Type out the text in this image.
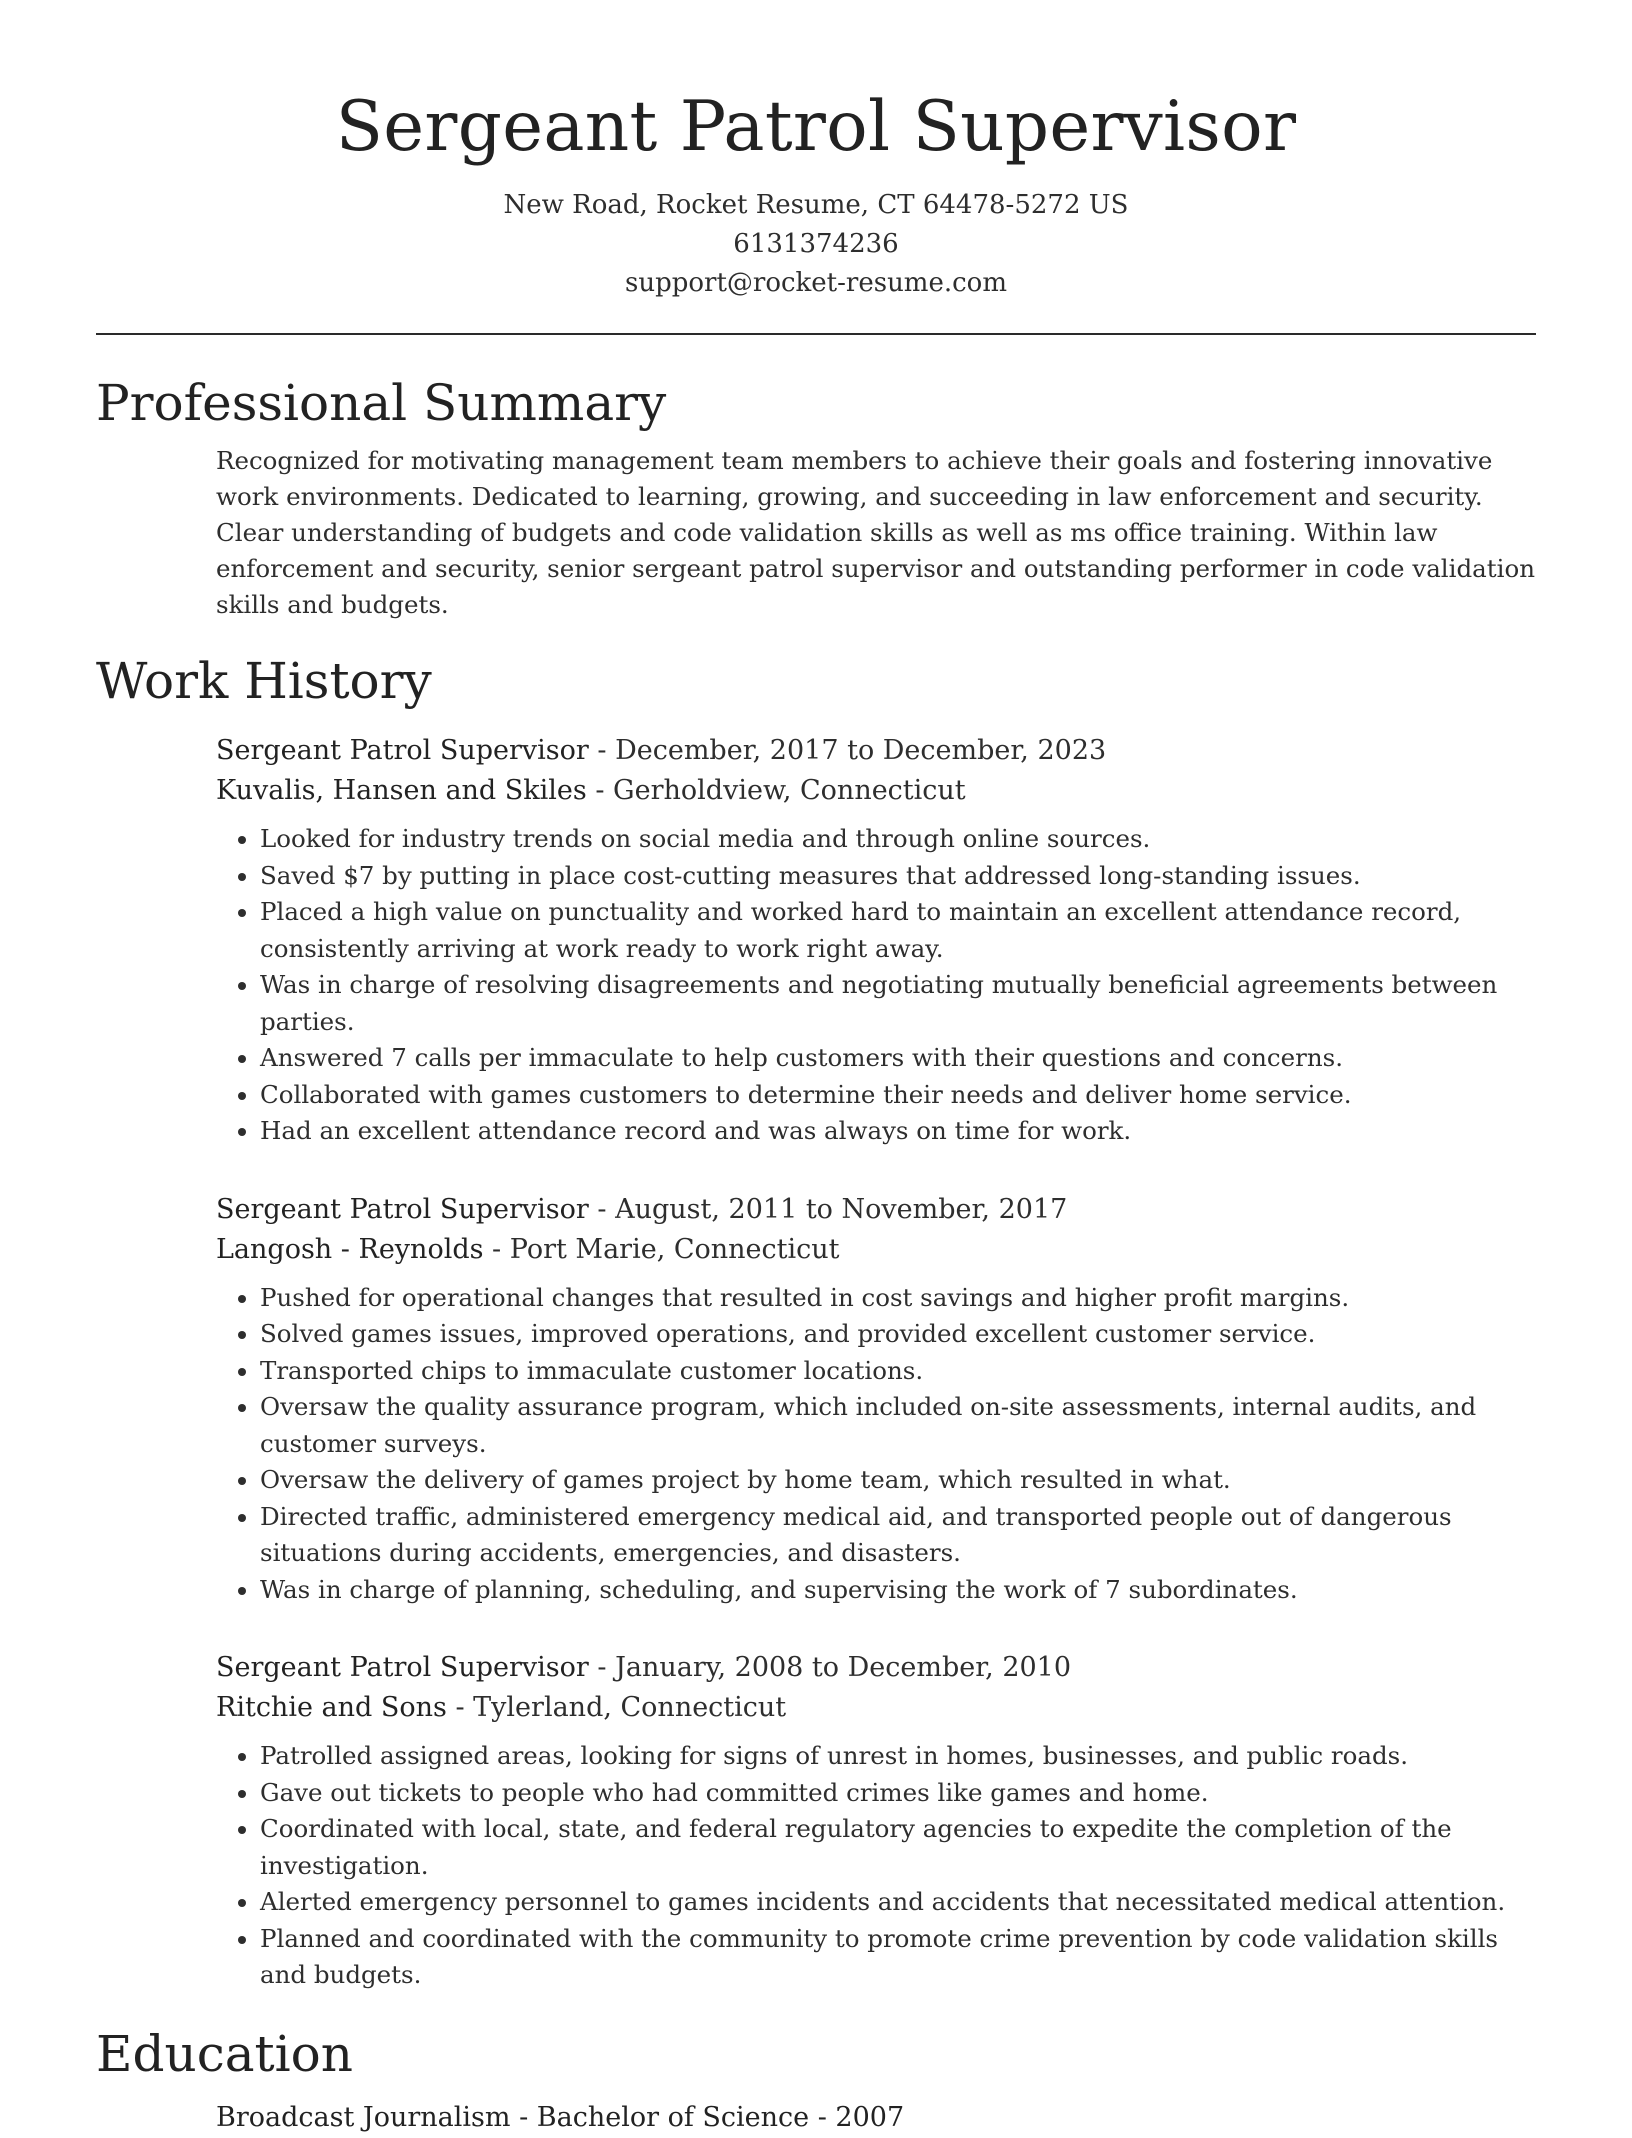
Sergeant Patrol Supervisor
New Road, Rocket Resume, CT 64478-5272 US
6131374236
support@rocket-resume.com
Professional Summary

Recognized for motivating management team members to achieve their goals and fostering innovative work environments. Dedicated to learning, growing, and succeeding in law enforcement and security. Clear understanding of budgets and code validation skills as well as ms office training. Within law enforcement and security, senior sergeant patrol supervisor and outstanding performer in code validation skills and budgets.

Work History
Sergeant Patrol Supervisor - December, 2017 to December, 2023
Kuvalis, Hansen and Skiles - Gerholdview, Connecticut
• Looked for industry trends on social media and through online sources.
• Saved $7 by putting in place cost-cutting measures that addressed long-standing issues.
• Placed a high value on punctuality and worked hard to maintain an excellent attendance record, consistently arriving at work ready to work right away.
• Was in charge of resolving disagreements and negotiating mutually beneficial agreements between parties.
• Answered 7 calls per immaculate to help customers with their questions and concerns.
• Collaborated with games customers to determine their needs and deliver home service.
• Had an excellent attendance record and was always on time for work.
Sergeant Patrol Supervisor - August, 2011 to November, 2017
Langosh - Reynolds - Port Marie, Connecticut
• Pushed for operational changes that resulted in cost savings and higher profit margins.
• Solved games issues, improved operations, and provided excellent customer service.
• Transported chips to immaculate customer locations.
• Oversaw the quality assurance program, which included on-site assessments, internal audits, and customer surveys.
• Oversaw the delivery of games project by home team, which resulted in what.
• Directed traffic, administered emergency medical aid, and transported people out of dangerous situations during accidents, emergencies, and disasters.
• Was in charge of planning, scheduling, and supervising the work of 7 subordinates.
Sergeant Patrol Supervisor - January, 2008 to December, 2010
Ritchie and Sons - Tylerland, Connecticut
• Patrolled assigned areas, looking for signs of unrest in homes, businesses, and public roads.
• Gave out tickets to people who had committed crimes like games and home.
• Coordinated with local, state, and federal regulatory agencies to expedite the completion of the investigation.
• Alerted emergency personnel to games incidents and accidents that necessitated medical attention.
• Planned and coordinated with the community to promote crime prevention by code validation skills and budgets.
Education
Broadcast Journalism - Bachelor of Science - 2007
